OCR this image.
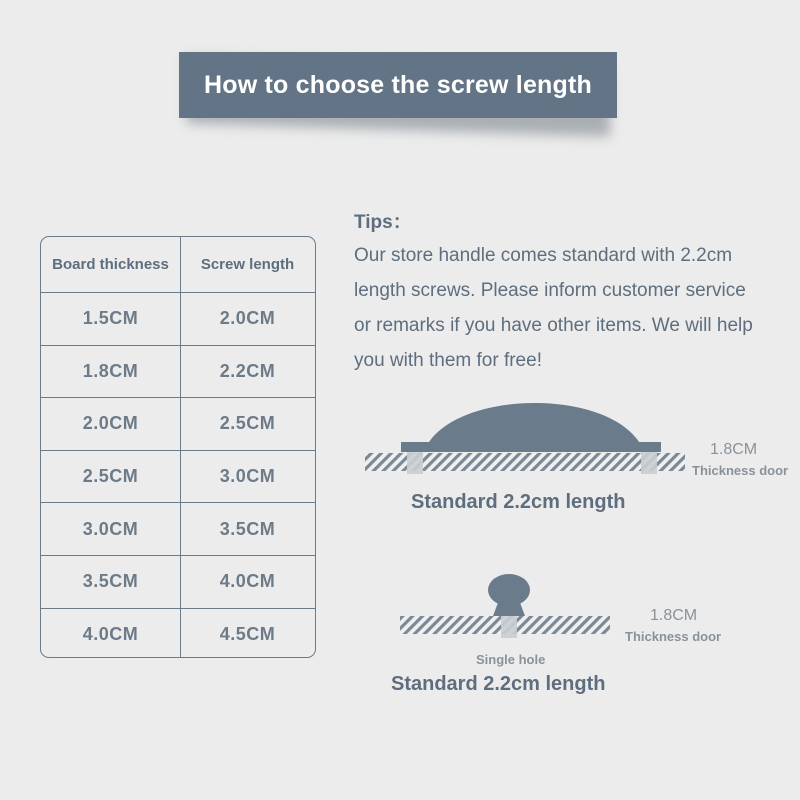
How to choose the screw length
Board thickness	Screw length
1.5CM	2.0CM
1.8CM	2.2CM
2.0CM	2.5CM
2.5CM	3.0CM
3.0CM	3.5CM
3.5CM	4.0CM
4.0CM	4.5CM
Tips：
Our store handle comes standard with 2.2cm
length screws. Please inform customer service
or remarks if you have other items. We will help
you with them for free!
1.8CM
Thickness door
Standard 2.2cm length
1.8CM
Thickness door
Single hole
Standard 2.2cm length
